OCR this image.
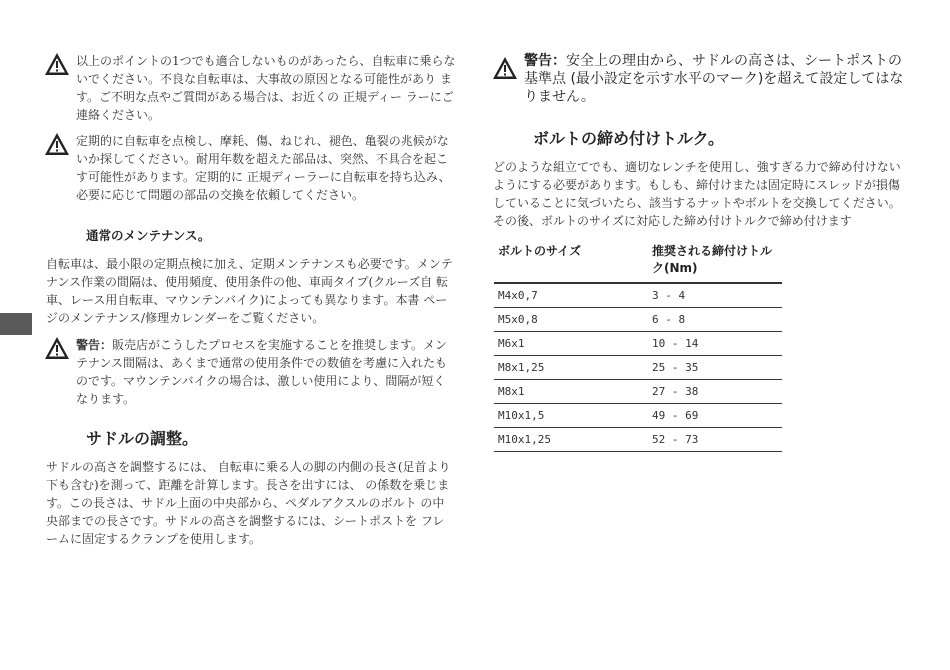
以上のポイントの1つでも適合しないものがあったら、自転車に乗らないでください。不良な自転車は、大事故の原因となる可能性があり ます。ご不明な点やご質問がある場合は、お近くの 正規ディー ラーにご連絡ください。
定期的に自転車を点検し、摩耗、傷、ねじれ、褪色、亀裂の兆候がないか探してください。耐用年数を超えた部品は、突然、不具合を起こす可能性があります。定期的に 正規ディーラーに自転車を持ち込み、必要に応じて問題の部品の交換を依頼してください。
通常のメンテナンス。

自転車は、最小限の定期点検に加え、定期メンテナンスも必要です。メンテ ナンス作業の間隔は、使用頻度、使用条件の他、車両タイプ(クルーズ自 転車、レース用自転車、マウンテンバイク)によっても異なります。本書 ページのメンテナンス/修理カレンダーをご覧ください。

警告：販売店がこうしたプロセスを実施することを推奨します。メンテナンス間隔は、あくまで通常の使用条件での数値を考慮に入れたものです。マウンテンバイクの場合は、激しい使用により、間隔が短くなります。
サドルの調整。

サドルの高さを調整するには、 自転車に乗る人の脚の内側の長さ(足首より 下も含む)を測って、距離を計算します。長さを出すには、 の係数を乗じます。この長さは、サドル上面の中央部から、ペダルアクスルのボルト の中央部までの長さです。サドルの高さを調整するには、シートポストを フレームに固定するクランプを使用します。

警告：安全上の理由から、サドルの高さは、シートポストの基準点 (最小設定を示す水平のマーク)を超えて設定してはなりません。
ボルトの締め付けトルク。

どのような組立てでも、適切なレンチを使用し、強すぎる力で締め付けないようにする必要があります。もしも、締付けまたは固定時にスレッドが損傷していることに気づいたら、該当するナットやボルトを交換してください。その後、ボルトのサイズに対応した締め付けトルクで締め付けます

ボルトのサイズ	推奨される締付けトルク(Nm)
M4x0,7	3 - 4
M5x0,8	6 - 8
M6x1	10 - 14
M8x1,25	25 - 35
M8x1	27 - 38
M10x1,5	49 - 69
M10x1,25	52 - 73
